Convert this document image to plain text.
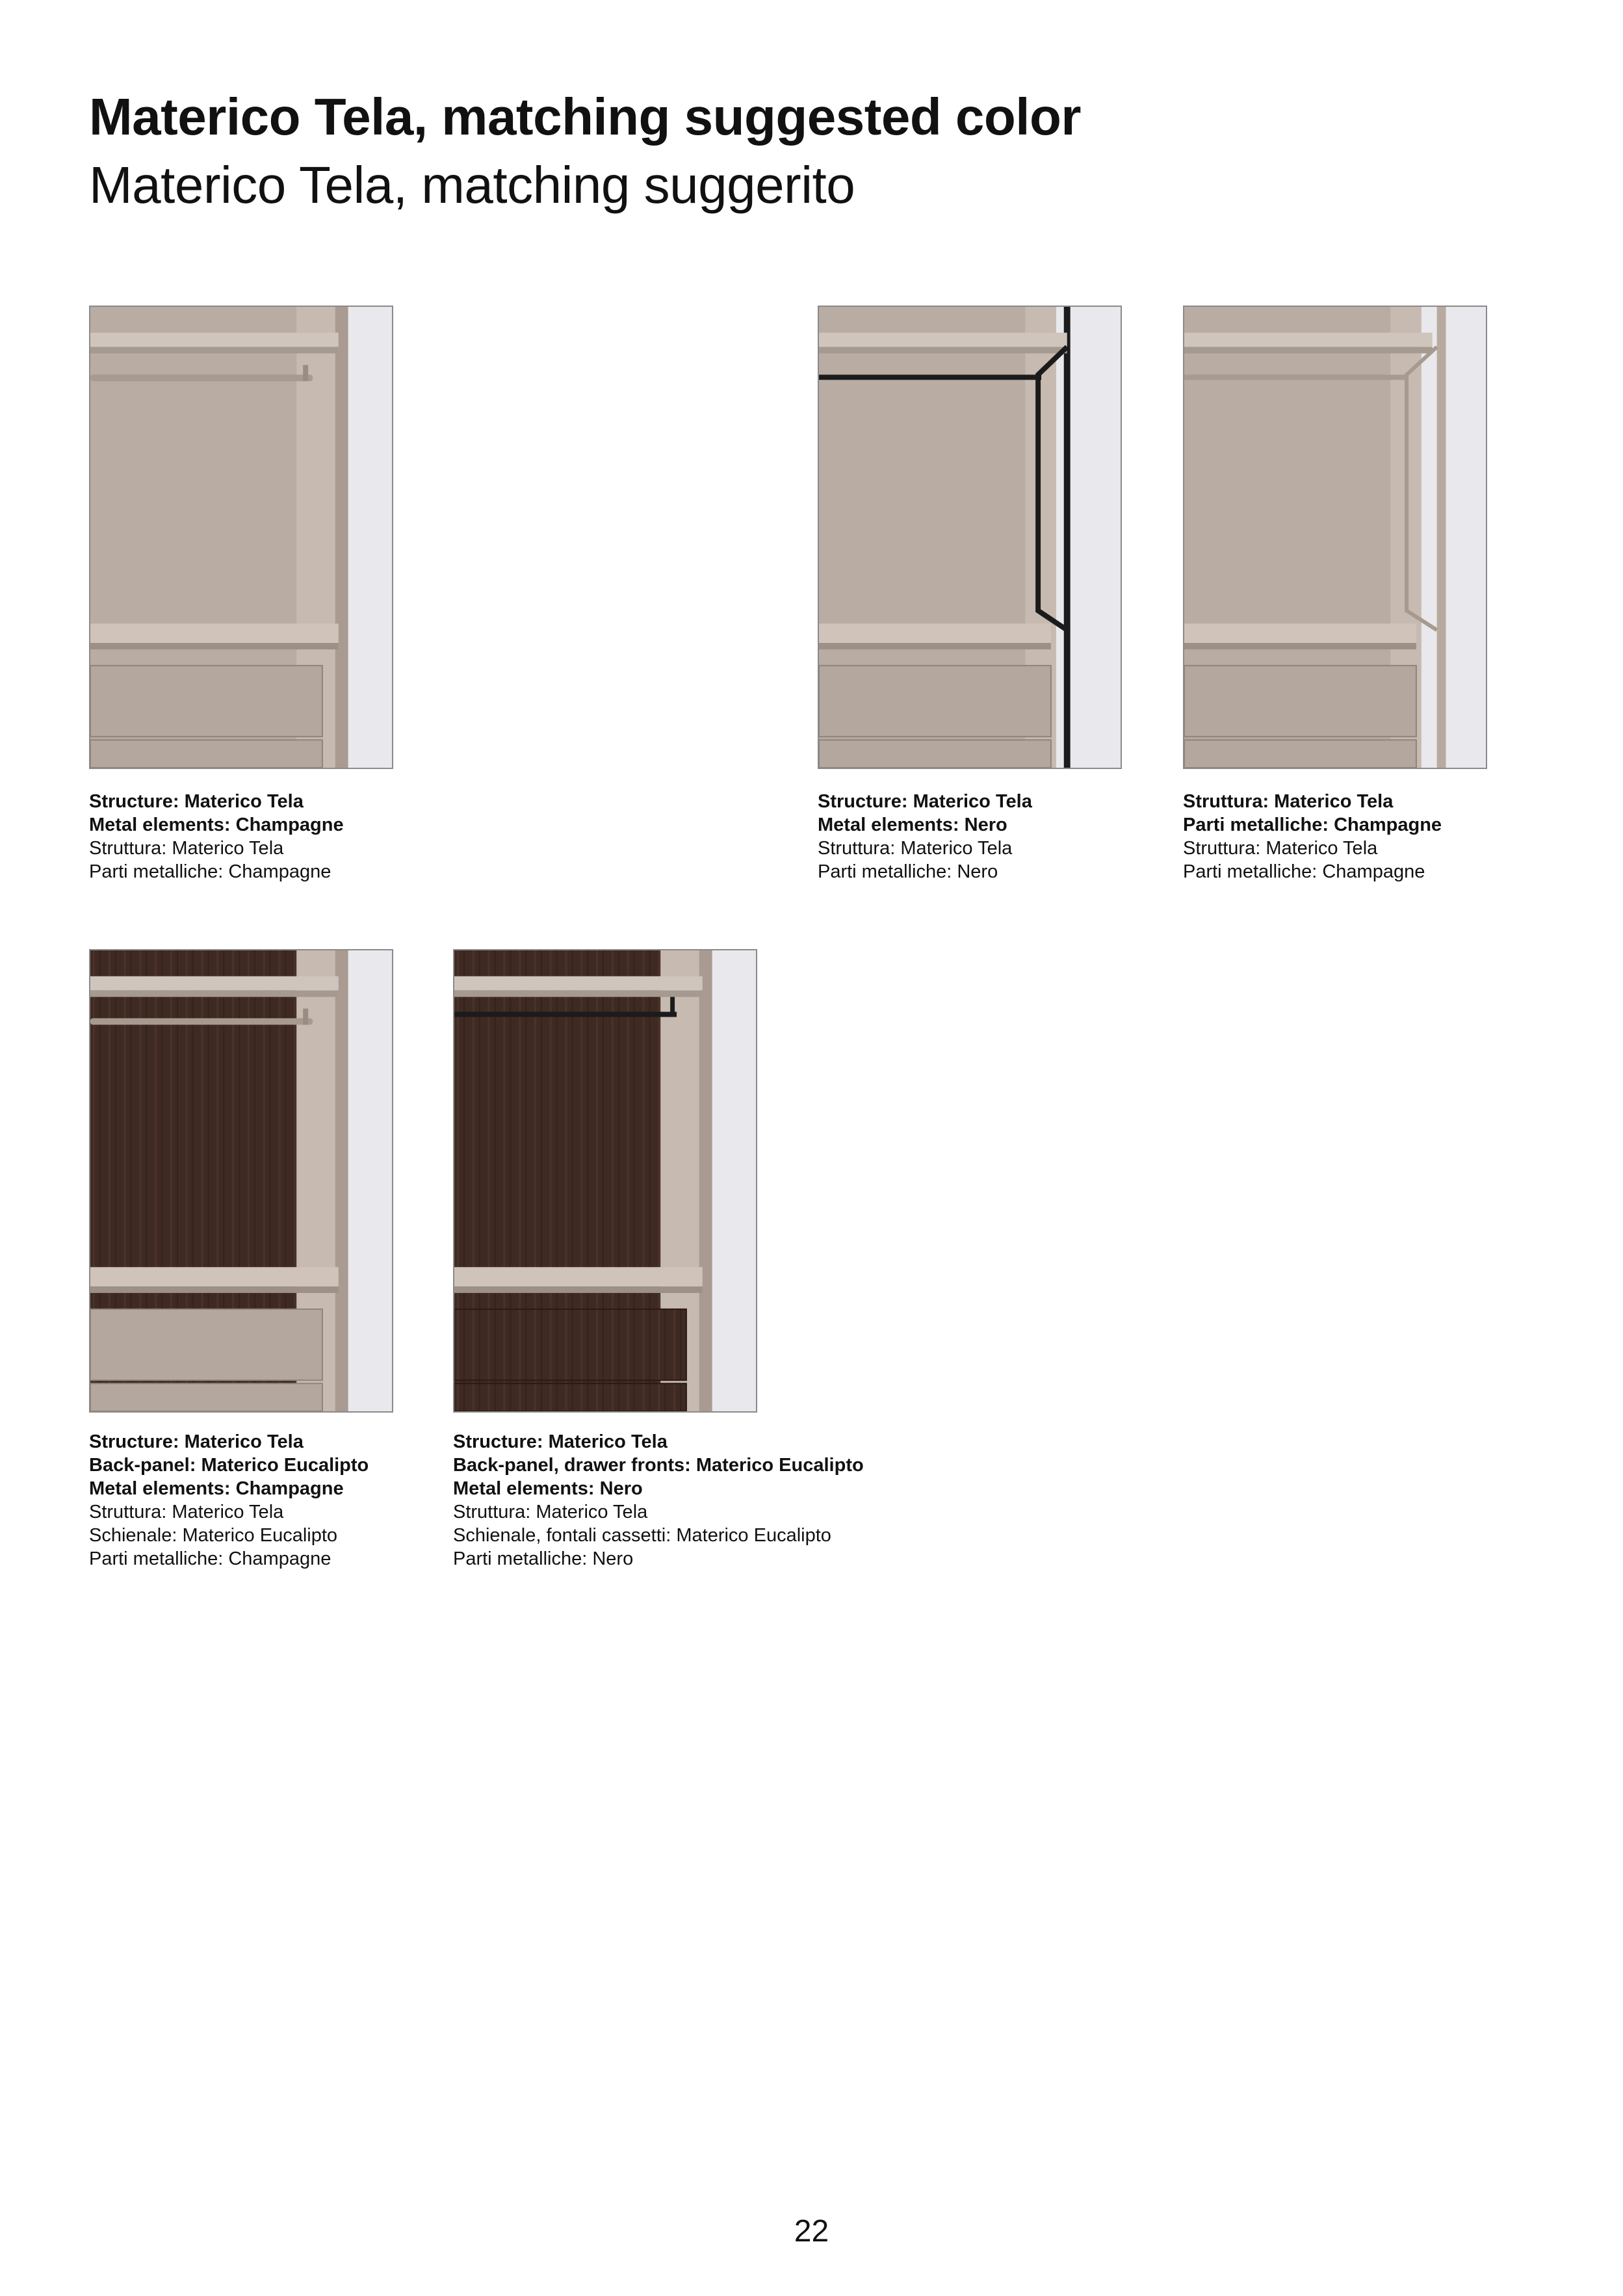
Materico Tela, matching suggested color
Materico Tela, matching suggerito
Structure: Materico Tela
Metal elements: Champagne
Struttura: Materico Tela
Parti metalliche: Champagne
Structure: Materico Tela
Metal elements: Nero
Struttura: Materico Tela
Parti metalliche: Nero
Struttura: Materico Tela
Parti metalliche: Champagne
Struttura: Materico Tela
Parti metalliche: Champagne
Structure: Materico Tela
Back-panel: Materico Eucalipto
Metal elements: Champagne
Struttura: Materico Tela
Schienale: Materico Eucalipto
Parti metalliche: Champagne
Structure: Materico Tela
Back-panel, drawer fronts: Materico Eucalipto
Metal elements: Nero
Struttura: Materico Tela
Schienale, fontali cassetti: Materico Eucalipto
Parti metalliche: Nero
22
